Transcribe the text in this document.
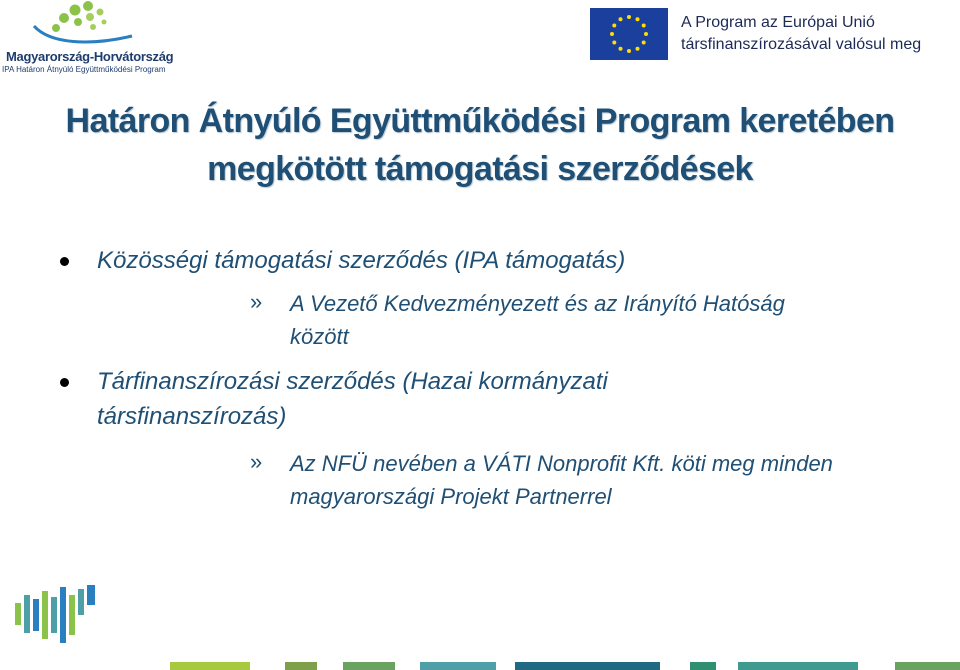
Magyarország-Horvátország
IPA Határon Átnyúló Együttműködési Program
A Program az Európai Unió
társfinanszírozásával valósul meg
Határon Átnyúló Együttműködési Program keretében
megkötött támogatási szerződések
Közösségi támogatási szerződés (IPA támogatás)
» A Vezető Kedvezményezett és az Irányító Hatóság
között
Tárfinanszírozási szerződés (Hazai kormányzati
társfinanszírozás)
» Az NFÜ nevében a VÁTI Nonprofit Kft. köti meg minden
magyarországi Projekt Partnerrel
